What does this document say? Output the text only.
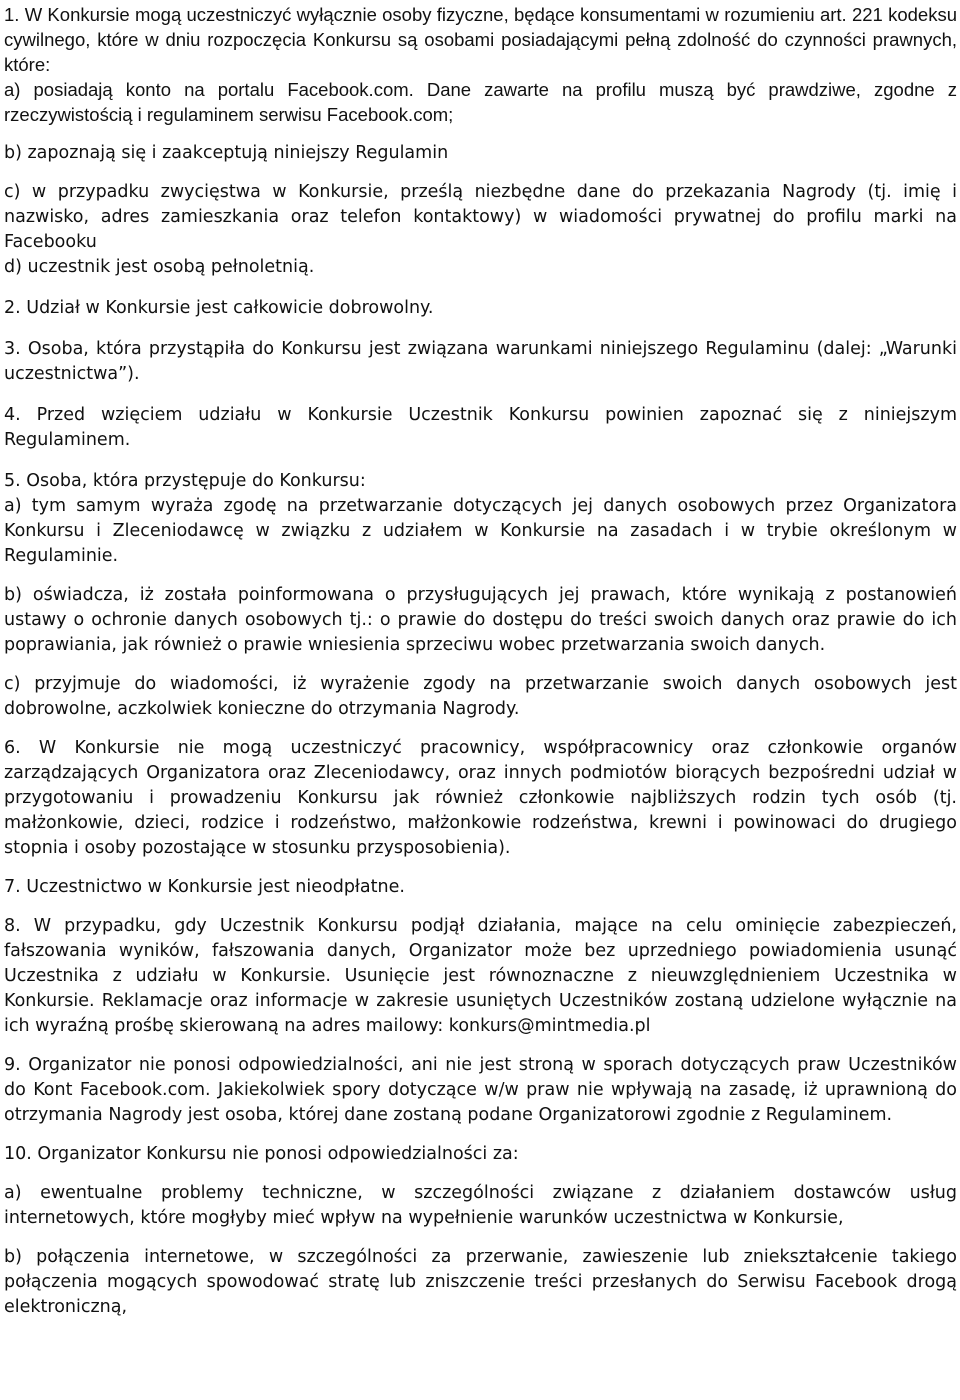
1. W Konkursie mogą uczestniczyć wyłącznie osoby fizyczne, będące konsumentami w rozumieniu art. 221 kodeksu cywilnego, które w dniu rozpoczęcia Konkursu są osobami posiadającymi pełną zdolność do czynności prawnych, które:

a) posiadają konto na portalu Facebook.com. Dane zawarte na profilu muszą być prawdziwe, zgodne z rzeczywistością i regulaminem serwisu Facebook.com;

b) zapoznają się i zaakceptują niniejszy Regulamin

c) w przypadku zwycięstwa w Konkursie, prześlą niezbędne dane do przekazania Nagrody (tj. imię i nazwisko, adres zamieszkania oraz telefon kontaktowy) w wiadomości prywatnej do profilu marki na Facebooku

d) uczestnik jest osobą pełnoletnią.

2. Udział w Konkursie jest całkowicie dobrowolny.

3. Osoba, która przystąpiła do Konkursu jest związana warunkami niniejszego Regulaminu (dalej: „Warunki uczestnictwa”).

4. Przed wzięciem udziału w Konkursie Uczestnik Konkursu powinien zapoznać się z niniejszym Regulaminem.

5. Osoba, która przystępuje do Konkursu:

a) tym samym wyraża zgodę na przetwarzanie dotyczących jej danych osobowych przez Organizatora Konkursu i Zleceniodawcę w związku z udziałem w Konkursie na zasadach i w trybie określonym w Regulaminie.

b) oświadcza, iż została poinformowana o przysługujących jej prawach, które wynikają z postanowień ustawy o ochronie danych osobowych tj.: o prawie do dostępu do treści swoich danych oraz prawie do ich poprawiania, jak również o prawie wniesienia sprzeciwu wobec przetwarzania swoich danych.

c) przyjmuje do wiadomości, iż wyrażenie zgody na przetwarzanie swoich danych osobowych jest dobrowolne, aczkolwiek konieczne do otrzymania Nagrody.

6. W Konkursie nie mogą uczestniczyć pracownicy, współpracownicy oraz członkowie organów zarządzających Organizatora oraz Zleceniodawcy, oraz innych podmiotów biorących bezpośredni udział w przygotowaniu i prowadzeniu Konkursu jak również członkowie najbliższych rodzin tych osób (tj. małżonkowie, dzieci, rodzice i rodzeństwo, małżonkowie rodzeństwa, krewni i powinowaci do drugiego stopnia i osoby pozostające w stosunku przysposobienia).

7. Uczestnictwo w Konkursie jest nieodpłatne.

8. W przypadku, gdy Uczestnik Konkursu podjął działania, mające na celu ominięcie zabezpieczeń, fałszowania wyników, fałszowania danych, Organizator może bez uprzedniego powiadomienia usunąć Uczestnika z udziału w Konkursie. Usunięcie jest równoznaczne z nieuwzględnieniem Uczestnika w Konkursie. Reklamacje oraz informacje w zakresie usuniętych Uczestników zostaną udzielone wyłącznie na ich wyraźną prośbę skierowaną na adres mailowy: konkurs@mintmedia.pl

9. Organizator nie ponosi odpowiedzialności, ani nie jest stroną w sporach dotyczących praw Uczestników do Kont Facebook.com. Jakiekolwiek spory dotyczące w/w praw nie wpływają na zasadę, iż uprawnioną do otrzymania Nagrody jest osoba, której dane zostaną podane Organizatorowi zgodnie z Regulaminem.

10. Organizator Konkursu nie ponosi odpowiedzialności za:

a) ewentualne problemy techniczne, w szczególności związane z działaniem dostawców usług internetowych, które mogłyby mieć wpływ na wypełnienie warunków uczestnictwa w Konkursie,

b) połączenia internetowe, w szczególności za przerwanie, zawieszenie lub zniekształcenie takiego połączenia mogących spowodować stratę lub zniszczenie treści przesłanych do Serwisu Facebook drogą elektroniczną,
